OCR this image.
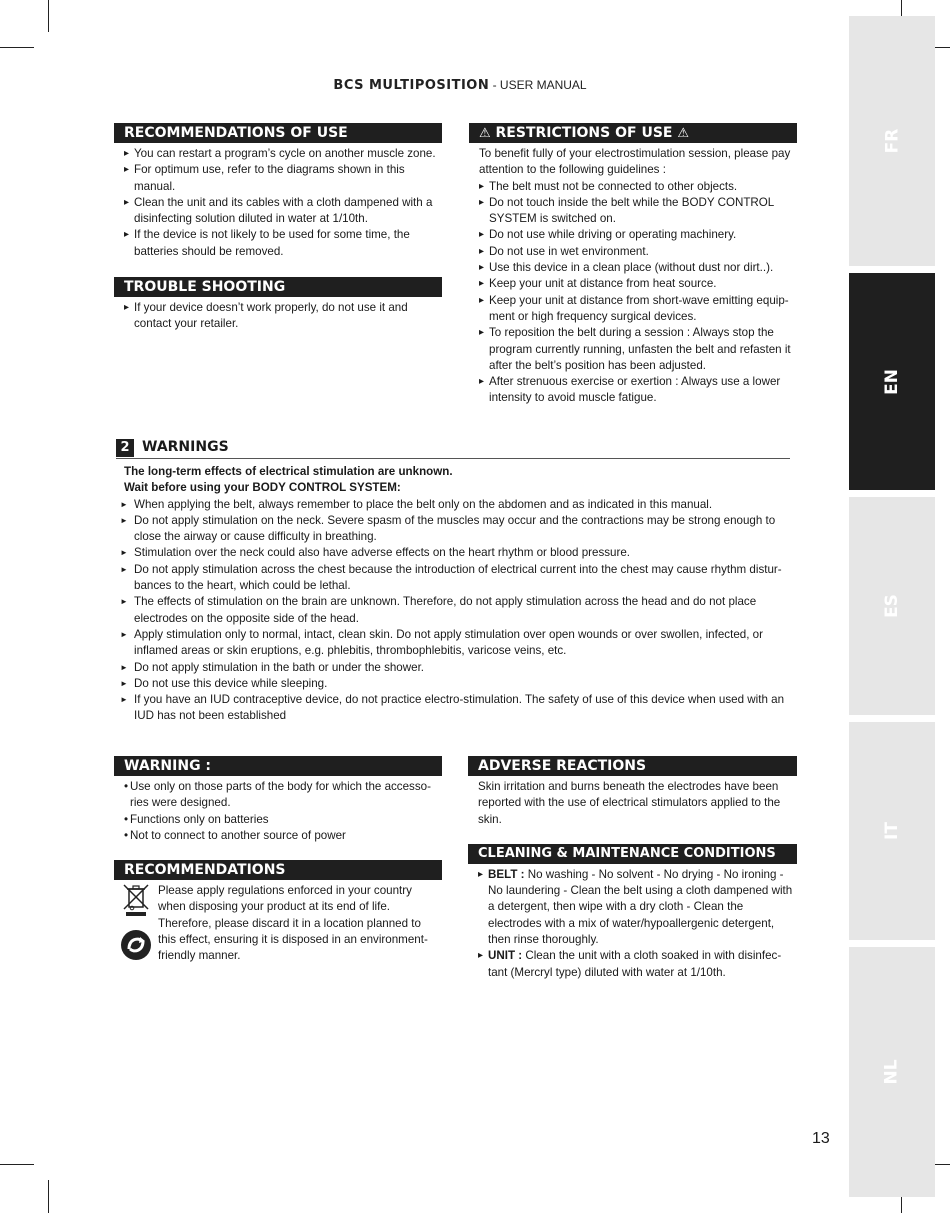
BCS MULTIPOSITION - USER MANUAL
FR
EN
ES
IT
NL
RECOMMENDATIONS OF USE
▸ You can restart a program’s cycle on another muscle zone.
▸ For optimum use, refer to the diagrams shown in this manual.
▸ Clean the unit and its cables with a cloth dampened with a disinfecting solution diluted in water at 1/10th.
▸ If the device is not likely to be used for some time, the batteries should be removed.
TROUBLE SHOOTING
▸ If your device doesn’t work properly, do not use it and contact your retailer.
⚠ RESTRICTIONS OF USE ⚠
To benefit fully of your electrostimulation session, please pay attention to the following guidelines :
▸ The belt must not be connected to other objects.
▸ Do not touch inside the belt while the BODY CONTROL SYSTEM is switched on.
▸ Do not use while driving or operating machinery.
▸ Do not use in wet environment.
▸ Use this device in a clean place (without dust nor dirt..).
▸ Keep your unit at distance from heat source.
▸ Keep your unit at distance from short-wave emitting equip-ment or high frequency surgical devices.
▸ To reposition the belt during a session : Always stop the program currently running, unfasten the belt and refasten it after the belt’s position has been adjusted.
▸ After strenuous exercise or exertion : Always use a lower intensity to avoid muscle fatigue.
2 WARNINGS
The long-term effects of electrical stimulation are unknown.
Wait before using your BODY CONTROL SYSTEM:
► When applying the belt, always remember to place the belt only on the abdomen and as indicated in this manual.
► Do not apply stimulation on the neck. Severe spasm of the muscles may occur and the contractions may be strong enough to close the airway or cause difficulty in breathing.
► Stimulation over the neck could also have adverse effects on the heart rhythm or blood pressure.
► Do not apply stimulation across the chest because the introduction of electrical current into the chest may cause rhythm distur-bances to the heart, which could be lethal.
► The effects of stimulation on the brain are unknown. Therefore, do not apply stimulation across the head and do not place electrodes on the opposite side of the head.
► Apply stimulation only to normal, intact, clean skin. Do not apply stimulation over open wounds or over swollen, infected, or inflamed areas or skin eruptions, e.g. phlebitis, thrombophlebitis, varicose veins, etc.
► Do not apply stimulation in the bath or under the shower.
► Do not use this device while sleeping.
► If you have an IUD contraceptive device, do not practice electro-stimulation. The safety of use of this device when used with an IUD has not been established
WARNING :
• Use only on those parts of the body for which the accesso-ries were designed.
• Functions only on batteries
• Not to connect to another source of power
RECOMMENDATIONS
Please apply regulations enforced in your country when disposing your product at its end of life. Therefore, please discard it in a location planned to this effect, ensuring it is disposed in an environment-friendly manner.
ADVERSE REACTIONS
Skin irritation and burns beneath the electrodes have been reported with the use of electrical stimulators applied to the skin.
CLEANING & MAINTENANCE CONDITIONS
▸ BELT : No washing - No solvent - No drying - No ironing - No laundering - Clean the belt using a cloth dampened with a detergent, then wipe with a dry cloth - Clean the electrodes with a mix of water/hypoallergenic detergent, then rinse thoroughly.
▸ UNIT : Clean the unit with a cloth soaked in with disinfec-tant (Mercryl type) diluted with water at 1/10th.
13
